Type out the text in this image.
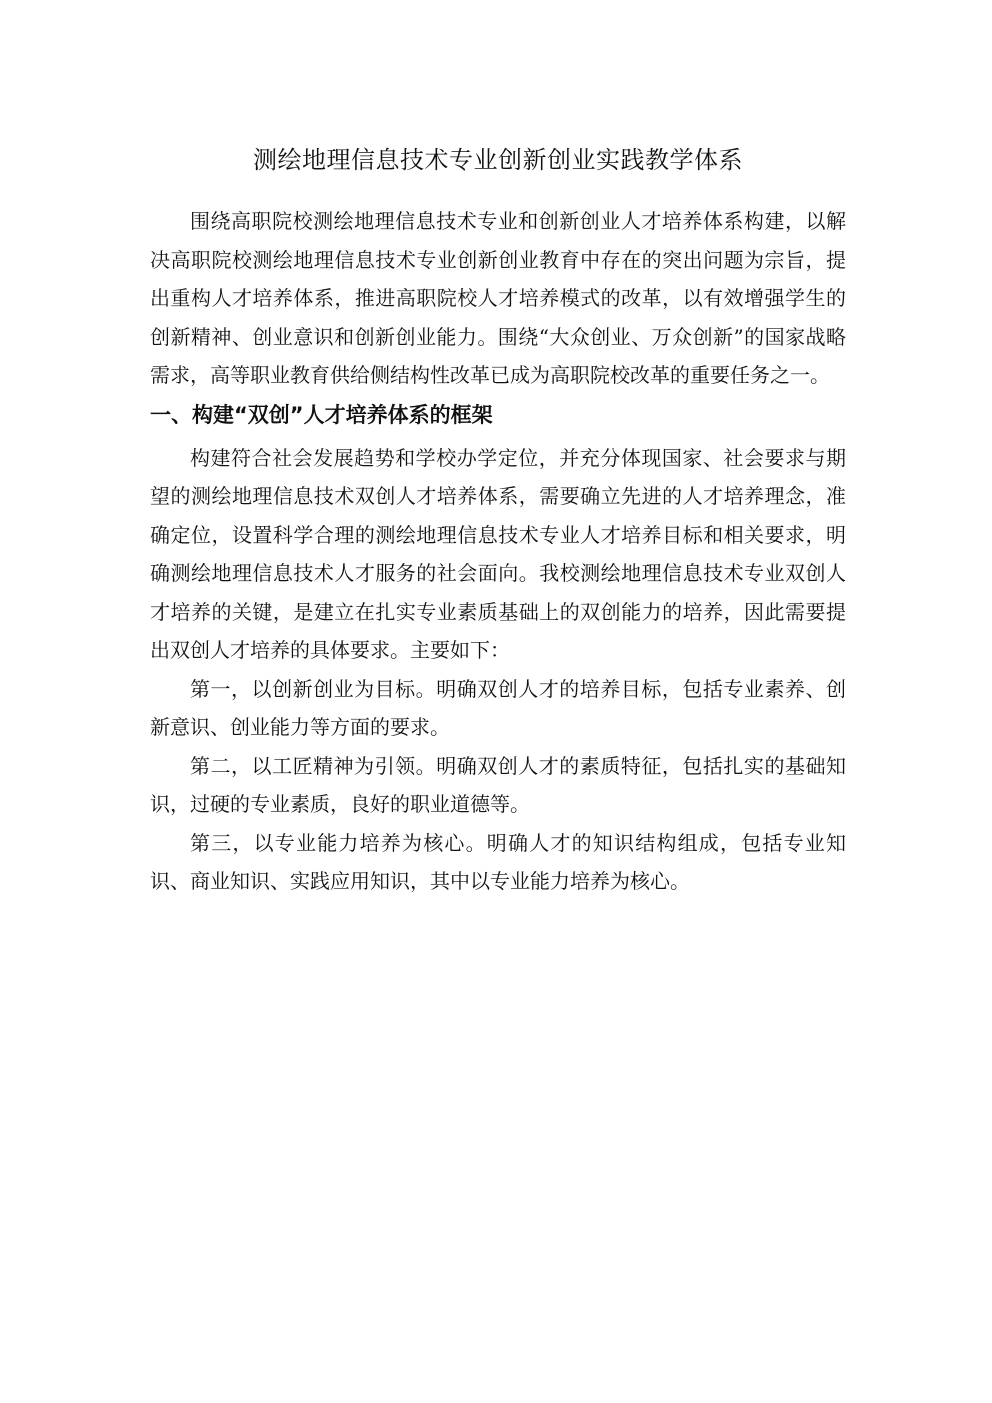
测绘地理信息技术专业创新创业实践教学体系

围绕高职院校测绘地理信息技术专业和创新创业人才培养体系构建，以解决高职院校测绘地理信息技术专业创新创业教育中存在的突出问题为宗旨，提出重构人才培养体系，推进高职院校人才培养模式的改革，以有效增强学生的创新精神、创业意识和创新创业能力。围绕“大众创业、万众创新”的国家战略需求，高等职业教育供给侧结构性改革已成为高职院校改革的重要任务之一。

一、构建“双创”人才培养体系的框架

构建符合社会发展趋势和学校办学定位，并充分体现国家、社会要求与期望的测绘地理信息技术双创人才培养体系，需要确立先进的人才培养理念，准确定位，设置科学合理的测绘地理信息技术专业人才培养目标和相关要求，明确测绘地理信息技术人才服务的社会面向。我校测绘地理信息技术专业双创人才培养的关键，是建立在扎实专业素质基础上的双创能力的培养，因此需要提出双创人才培养的具体要求。主要如下：

第一，以创新创业为目标。明确双创人才的培养目标，包括专业素养、创新意识、创业能力等方面的要求。

第二，以工匠精神为引领。明确双创人才的素质特征，包括扎实的基础知识，过硬的专业素质，良好的职业道德等。

第三，以专业能力培养为核心。明确人才的知识结构组成，包括专业知识、商业知识、实践应用知识，其中以专业能力培养为核心。
